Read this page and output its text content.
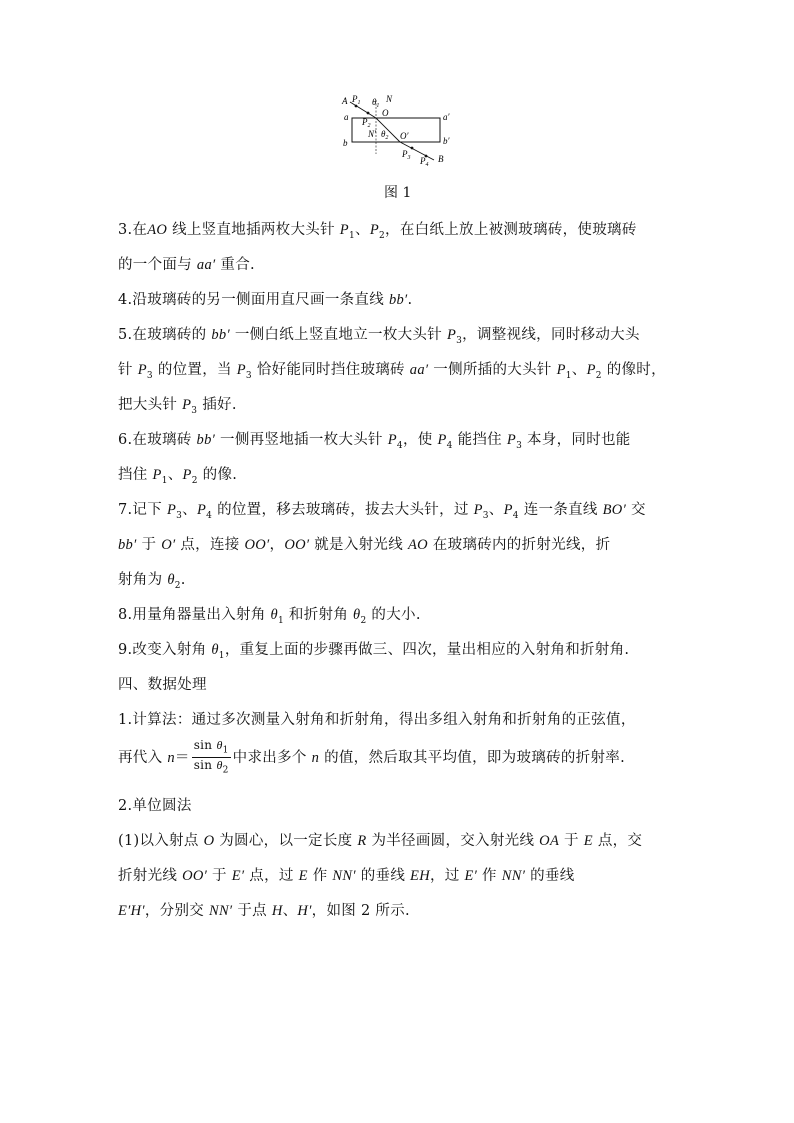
A $P_1$ $\theta_1$
N
O
a $P_2$
a′
N′ $\theta_2$ O′
b	b′
$P_3$ $P_4$
B
图 1
3.在AO 线上竖直地插两枚大头针 $P_1$、$P_2$，在白纸上放上被测玻璃砖，使玻璃砖
的一个面与 aa′ 重合.
4.沿玻璃砖的另一侧面用直尺画一条直线 bb′.
5.在玻璃砖的 bb′ 一侧白纸上竖直地立一枚大头针 $P_3$，调整视线，同时移动大头
针 $P_3$ 的位置，当 $P_3$ 恰好能同时挡住玻璃砖 aa′ 一侧所插的大头针 $P_1$、$P_2$ 的像时，
把大头针 $P_3$ 插好.
6.在玻璃砖 bb′ 一侧再竖地插一枚大头针 $P_4$，使 $P_4$ 能挡住 $P_3$ 本身，同时也能
挡住 $P_1$、$P_2$ 的像.
7.记下 $P_3$、$P_4$ 的位置，移去玻璃砖，拔去大头针，过 $P_3$、$P_4$ 连一条直线 BO′ 交
bb′ 于 O′ 点，连接 OO′，OO′ 就是入射光线 AO 在玻璃砖内的折射光线，折
射角为 $\theta_2$.
8.用量角器量出入射角 $\theta_1$ 和折射角 $\theta_2$ 的大小.
9.改变入射角 $\theta_1$，重复上面的步骤再做三、四次，量出相应的入射角和折射角.
四、数据处理
1.计算法：通过多次测量入射角和折射角，得出多组入射角和折射角的正弦值，
再代入 $n= \frac{\sin \theta_1}{\sin \theta_2}$ 中求出多个 n 的值，然后取其平均值，即为玻璃砖的折射率.
2.单位圆法
(1)以入射点 O 为圆心，以一定长度 R 为半径画圆，交入射光线 OA 于 E 点，交
折射光线 OO′ 于 E′ 点，过 E 作 NN′ 的垂线 EH，过 E′ 作 NN′ 的垂线
E′H′，分别交 NN′ 于点 H、H′，如图 2 所示.
